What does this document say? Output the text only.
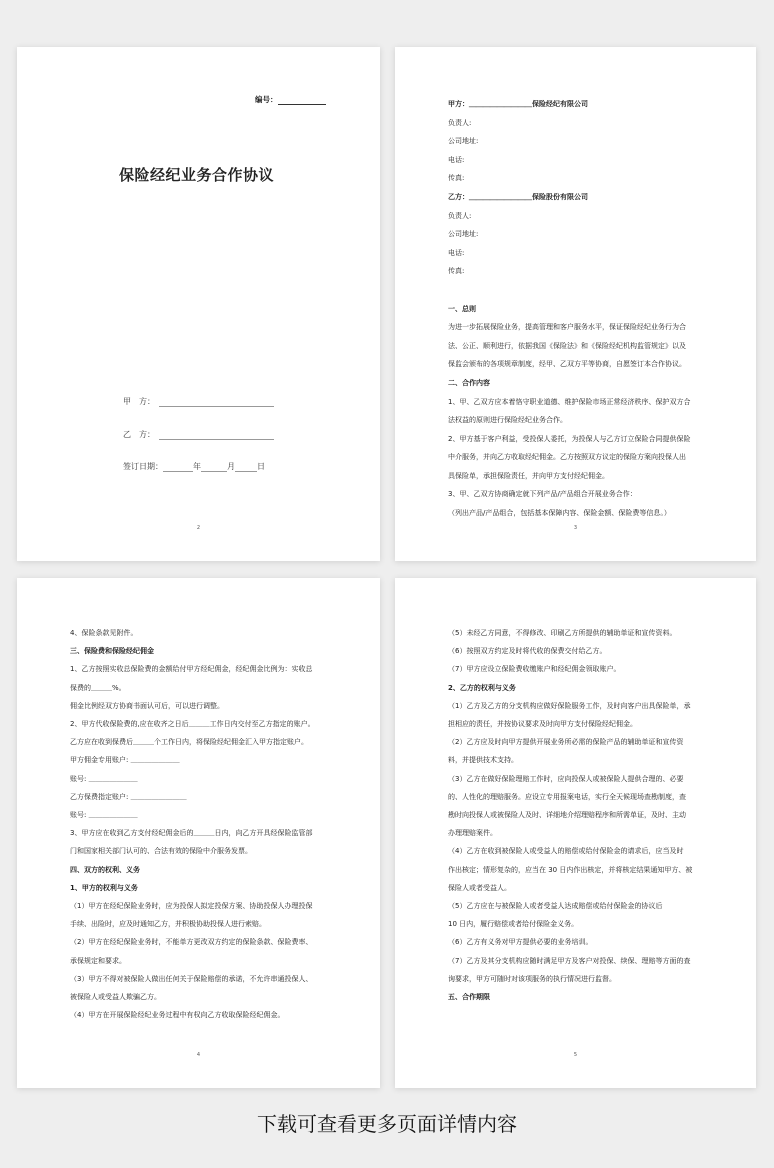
编号：
保险经纪业务合作协议
甲　方：
乙　方：
签订日期：	年	月	日
2
甲方：＿＿＿＿＿＿＿＿＿保险经纪有限公司
负责人:
公司地址:
电话:
传真:
乙方：＿＿＿＿＿＿＿＿＿保险股份有限公司
负责人:
公司地址:
电话:
传真:

一、总则
为进一步拓展保险业务，提高管理和客户服务水平，保证保险经纪业务行为合
法、公正、顺利进行，依据我国《保险法》和《保险经纪机构监管规定》以及
保监会颁布的各项规章制度，经甲、乙双方平等协商，自愿签订本合作协议。
二、合作内容
1、甲、乙双方应本着恪守职业道德、维护保险市场正常经济秩序、保护双方合
法权益的原则进行保险经纪业务合作。
2、甲方基于客户利益，受投保人委托，为投保人与乙方订立保险合同提供保险
中介服务，并向乙方收取经纪佣金。乙方按照双方议定的保险方案向投保人出
具保险单，承担保险责任，并向甲方支付经纪佣金。
3、甲、乙双方协商确定就下列产品/产品组合开展业务合作：
（列出产品/产品组合，包括基本保障内容、保险金额、保险费等信息。）
3
4、保险条款见附件。
三、保险费和保险经纪佣金
1、乙方按照实收总保险费的金额给付甲方经纪佣金，经纪佣金比例为：实收总
保费的＿＿＿%。
佣金比例经双方协商书面认可后，可以进行调整。
2、甲方代收保险费的,应在收齐之日后＿＿＿工作日内交付至乙方指定的账户。
乙方应在收到保费后＿＿＿个工作日内，将保险经纪佣金汇入甲方指定账户。
甲方佣金专用账户: ＿＿＿＿＿＿＿
账号: ＿＿＿＿＿＿＿
乙方保费指定账户: ＿＿＿＿＿＿＿＿
账号: ＿＿＿＿＿＿＿
3、甲方应在收到乙方支付经纪佣金后的＿＿＿日内，向乙方开具经保险监管部
门和国家相关部门认可的、合法有效的保险中介服务发票。
四、双方的权利、义务
1、甲方的权利与义务
（1）甲方在经纪保险业务时，应为投保人拟定投保方案、协助投保人办理投保
手续、出险时，应及时通知乙方，并积极协助投保人进行索赔。
（2）甲方在经纪保险业务时，不能单方更改双方约定的保险条款、保险费率、
承保规定和要求。
（3）甲方不得对被保险人做出任何关于保险赔偿的承诺，不允许串通投保人、
被保险人或受益人欺骗乙方。
（4）甲方在开展保险经纪业务过程中有权向乙方收取保险经纪佣金。
4
（5）未经乙方同意，不得修改、印刷乙方所提供的辅助单证和宣传资料。
（6）按照双方约定及时将代收的保费交付给乙方。
（7）甲方应设立保险费收缴账户和经纪佣金领取账户。
2、乙方的权利与义务
（1）乙方及乙方的分支机构应做好保险服务工作，及时向客户出具保险单，承
担相应的责任，并按协议要求及时向甲方支付保险经纪佣金。
（2）乙方应及时向甲方提供开展业务所必需的保险产品的辅助单证和宣传资
料，并提供技术支持。
（3）乙方在做好保险理赔工作时，应向投保人或被保险人提供合理的、必要
的、人性化的理赔服务。应设立专用报案电话，实行全天候现场查勘制度，查
勘时向投保人或被保险人及时、详细地介绍理赔程序和所需单证，及时、主动
办理理赔案件。
（4）乙方在收到被保险人或受益人的赔偿或给付保险金的请求后，应当及时
作出核定；情形复杂的，应当在 30 日内作出核定，并将核定结果通知甲方、被
保险人或者受益人。
（5）乙方应在与被保险人或者受益人达成赔偿或给付保险金的协议后
10 日内，履行赔偿或者给付保险金义务。
（6）乙方有义务对甲方提供必要的业务培训。
（7）乙方及其分支机构应随时满足甲方及客户对投保、续保、理赔等方面的查
询要求，甲方可随时对该项服务的执行情况进行监督。
五、合作期限
5
下载可查看更多页面详情内容
